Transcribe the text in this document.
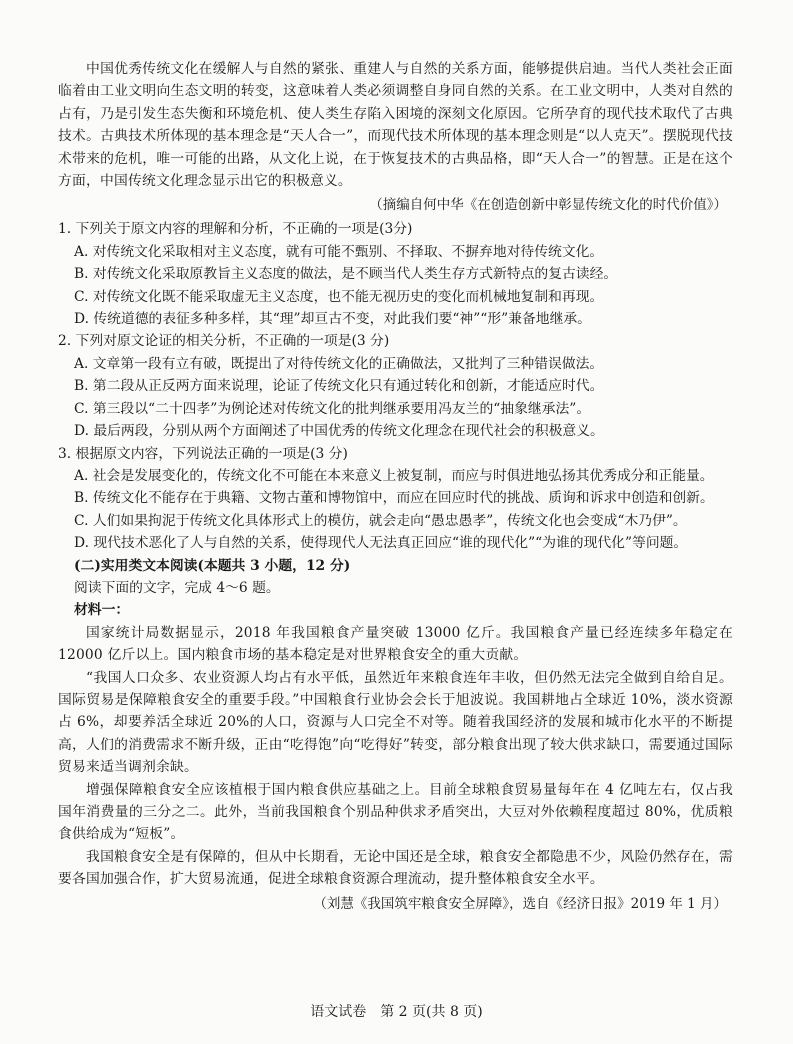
中国优秀传统文化在缓解人与自然的紧张、重建人与自然的关系方面，能够提供启迪。当代人类社会正面临着由工业文明向生态文明的转变，这意味着人类必须调整自身同自然的关系。在工业文明中，人类对自然的占有，乃是引发生态失衡和环境危机、使人类生存陷入困境的深刻文化原因。它所孕育的现代技术取代了古典技术。古典技术所体现的基本理念是“天人合一”，而现代技术所体现的基本理念则是“以人克天”。摆脱现代技术带来的危机，唯一可能的出路，从文化上说，在于恢复技术的古典品格，即“天人合一”的智慧。正是在这个方面，中国传统文化理念显示出它的积极意义。

（摘编自何中华《在创造创新中彰显传统文化的时代价值》）

1. 下列关于原文内容的理解和分析，不正确的一项是(3分)

A. 对传统文化采取相对主义态度，就有可能不甄别、不择取、不摒弃地对待传统文化。

B. 对传统文化采取原教旨主义态度的做法，是不顾当代人类生存方式新特点的复古读经。

C. 对传统文化既不能采取虚无主义态度，也不能无视历史的变化而机械地复制和再现。

D. 传统道德的表征多种多样，其“理”却亘古不变，对此我们要“神”“形”兼备地继承。

2. 下列对原文论证的相关分析，不正确的一项是(3 分)

A. 文章第一段有立有破，既提出了对待传统文化的正确做法，又批判了三种错误做法。

B. 第二段从正反两方面来说理，论证了传统文化只有通过转化和创新，才能适应时代。

C. 第三段以“二十四孝”为例论述对传统文化的批判继承要用冯友兰的“抽象继承法”。

D. 最后两段，分别从两个方面阐述了中国优秀的传统文化理念在现代社会的积极意义。

3. 根据原文内容，下列说法正确的一项是(3 分)

A. 社会是发展变化的，传统文化不可能在本来意义上被复制，而应与时俱进地弘扬其优秀成分和正能量。

B. 传统文化不能存在于典籍、文物古董和博物馆中，而应在回应时代的挑战、质询和诉求中创造和创新。

C. 人们如果拘泥于传统文化具体形式上的模仿，就会走向“愚忠愚孝”，传统文化也会变成“木乃伊”。

D. 现代技术恶化了人与自然的关系，使得现代人无法真正回应“谁的现代化”“为谁的现代化”等问题。

(二)实用类文本阅读(本题共 3 小题，12 分)

阅读下面的文字，完成 4～6 题。

材料一：

国家统计局数据显示，2018 年我国粮食产量突破 13000 亿斤。我国粮食产量已经连续多年稳定在 12000 亿斤以上。国内粮食市场的基本稳定是对世界粮食安全的重大贡献。

“我国人口众多、农业资源人均占有水平低，虽然近年来粮食连年丰收，但仍然无法完全做到自给自足。国际贸易是保障粮食安全的重要手段。”中国粮食行业协会会长于旭波说。我国耕地占全球近 10%，淡水资源占 6%，却要养活全球近 20%的人口，资源与人口完全不对等。随着我国经济的发展和城市化水平的不断提高，人们的消费需求不断升级，正由“吃得饱”向“吃得好”转变，部分粮食出现了较大供求缺口，需要通过国际贸易来适当调剂余缺。

增强保障粮食安全应该植根于国内粮食供应基础之上。目前全球粮食贸易量每年在 4 亿吨左右，仅占我国年消费量的三分之二。此外，当前我国粮食个别品种供求矛盾突出，大豆对外依赖程度超过 80%，优质粮食供给成为“短板”。

我国粮食安全是有保障的，但从中长期看，无论中国还是全球，粮食安全都隐患不少，风险仍然存在，需要各国加强合作，扩大贸易流通，促进全球粮食资源合理流动，提升整体粮食安全水平。

（刘慧《我国筑牢粮食安全屏障》，选自《经济日报》2019 年 1 月）

语文试卷　第 2 页(共 8 页)
